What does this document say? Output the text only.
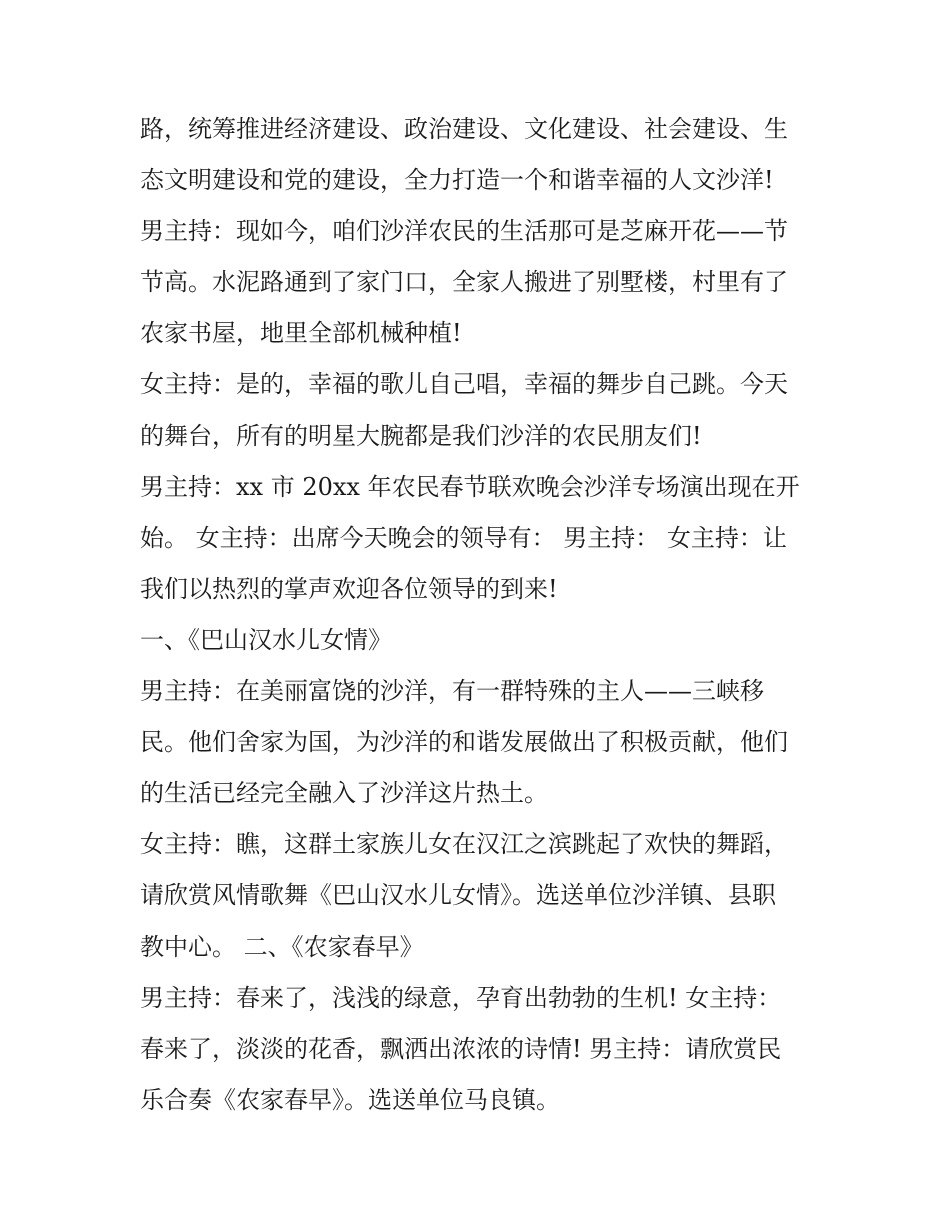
路，统筹推进经济建设、政治建设、文化建设、社会建设、生
态文明建设和党的建设，全力打造一个和谐幸福的人文沙洋!
男主持：现如今，咱们沙洋农民的生活那可是芝麻开花——节
节高。水泥路通到了家门口，全家人搬进了别墅楼，村里有了
农家书屋，地里全部机械种植!
女主持：是的，幸福的歌儿自己唱，幸福的舞步自己跳。今天
的舞台，所有的明星大腕都是我们沙洋的农民朋友们!
男主持：xx 市 20xx 年农民春节联欢晚会沙洋专场演出现在开
始。 女主持：出席今天晚会的领导有： 男主持： 女主持：让
我们以热烈的掌声欢迎各位领导的到来!
一、《巴山汉水儿女情》
男主持：在美丽富饶的沙洋，有一群特殊的主人——三峡移
民。他们舍家为国，为沙洋的和谐发展做出了积极贡献，他们
的生活已经完全融入了沙洋这片热土。
女主持：瞧，这群土家族儿女在汉江之滨跳起了欢快的舞蹈，
请欣赏风情歌舞《巴山汉水儿女情》。选送单位沙洋镇、县职
教中心。 二、《农家春早》
男主持：春来了，浅浅的绿意，孕育出勃勃的生机! 女主持：
春来了，淡淡的花香，飘洒出浓浓的诗情! 男主持：请欣赏民
乐合奏《农家春早》。选送单位马良镇。
